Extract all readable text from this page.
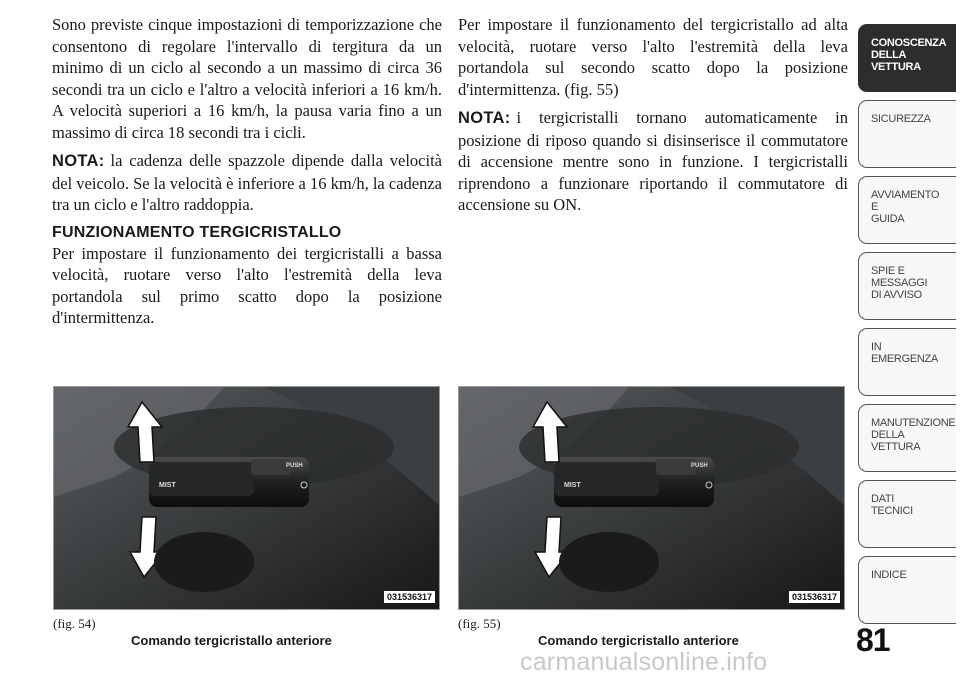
Sono previste cinque impostazioni di temporizzazione che consentono di regolare l'intervallo di tergitura da un minimo di un ciclo al secondo a un massimo di circa 36 secondi tra un ciclo e l'altro a velocità inferiori a 16 km/h. A velocità superiori a 16 km/h, la pausa varia fino a un massimo di circa 18 secondi tra i cicli.

NOTA: la cadenza delle spazzole dipende dalla velocità del veicolo. Se la velocità è inferiore a 16 km/h, la cadenza tra un ciclo e l'altro raddoppia.

FUNZIONAMENTO TERGICRISTALLO

Per impostare il funzionamento dei tergicristalli a bassa velocità, ruotare verso l'alto l'estremità della leva portandola sul primo scatto dopo la posizione d'intermittenza.

Per impostare il funzionamento del tergicristallo ad alta velocità, ruotare verso l'alto l'estremità della leva portandola sul secondo scatto dopo la posizione d'intermittenza. (fig. 55)

NOTA: i tergicristalli tornano automaticamente in posizione di riposo quando si disinserisce il commutatore di accensione mentre sono in funzione. I tergicristalli riprendono a funzionare riportando il commutatore di accensione su ON.

MIST
PUSH
031536317
MIST
PUSH
031536317
(fig. 54)
Comando tergicristallo anteriore
(fig. 55)
Comando tergicristallo anteriore
CONOSCENZA
DELLA
VETTURA
SICUREZZA
AVVIAMENTO
E
GUIDA
SPIE E
MESSAGGI
DI AVVISO
IN
EMERGENZA
MANUTENZIONE
DELLA
VETTURA
DATI
TECNICI
INDICE
81
carmanualsonline.info
